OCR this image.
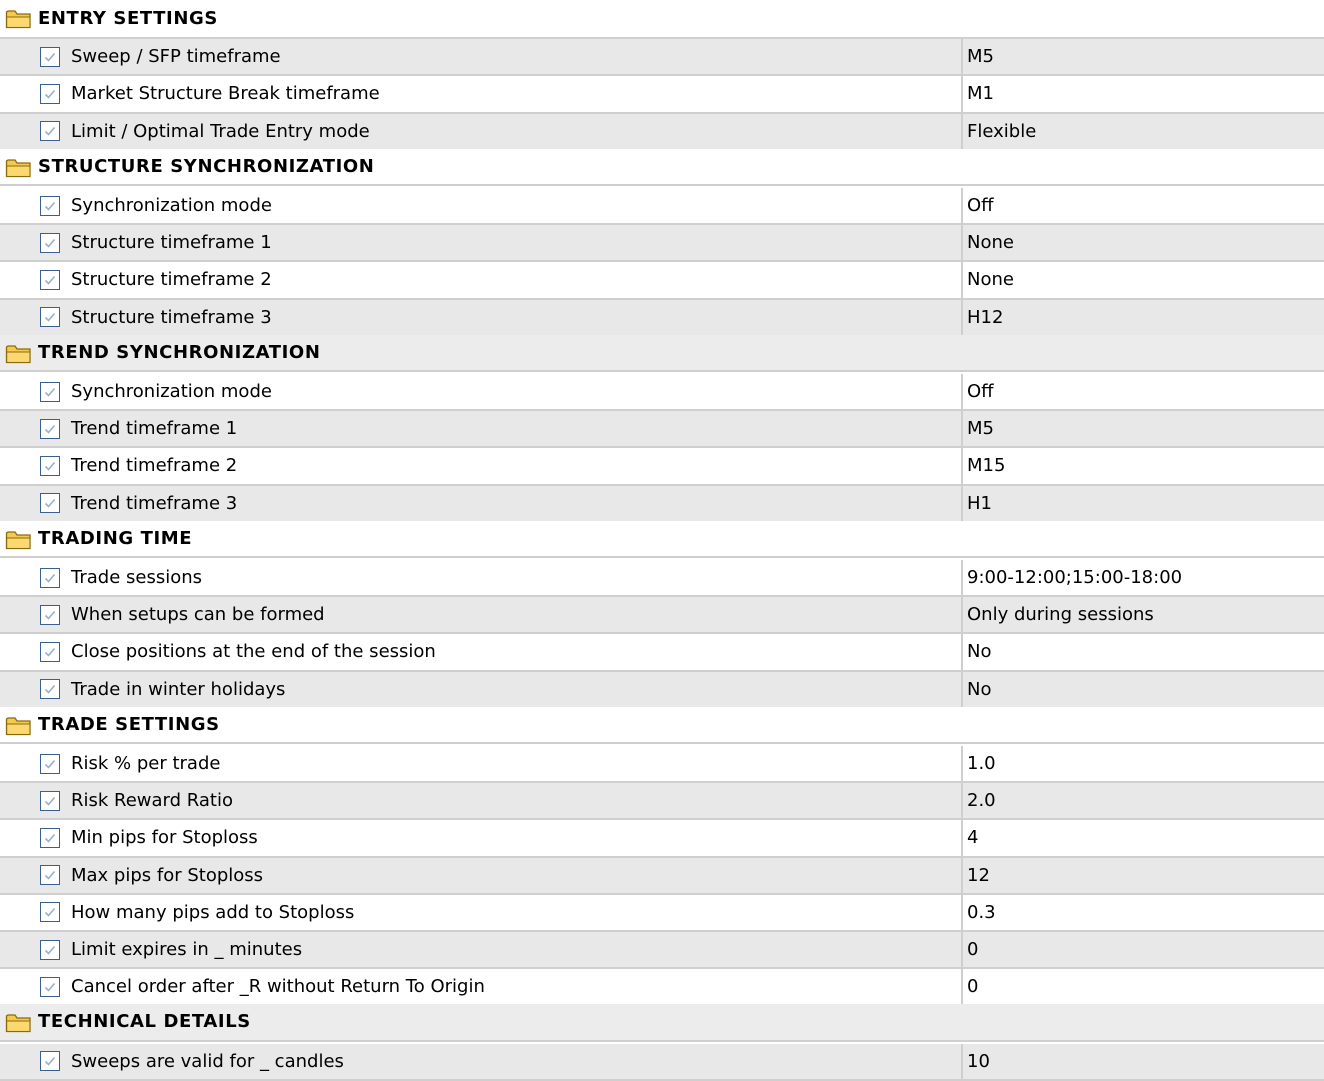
ENTRY SETTINGS
Sweep / SFP timeframe	M5
Market Structure Break timeframe	M1
Limit / Optimal Trade Entry mode	Flexible
STRUCTURE SYNCHRONIZATION
Synchronization mode	Off
Structure timeframe 1	None
Structure timeframe 2	None
Structure timeframe 3	H12
TREND SYNCHRONIZATION
Synchronization mode	Off
Trend timeframe 1	M5
Trend timeframe 2	M15
Trend timeframe 3	H1
TRADING TIME
Trade sessions	9:00-12:00;15:00-18:00
When setups can be formed	Only during sessions
Close positions at the end of the session	No
Trade in winter holidays	No
TRADE SETTINGS
Risk % per trade	1.0
Risk Reward Ratio	2.0
Min pips for Stoploss	4
Max pips for Stoploss	12
How many pips add to Stoploss	0.3
Limit expires in _ minutes	0
Cancel order after _R without Return To Origin	0
TECHNICAL DETAILS
Sweeps are valid for _ candles	10
